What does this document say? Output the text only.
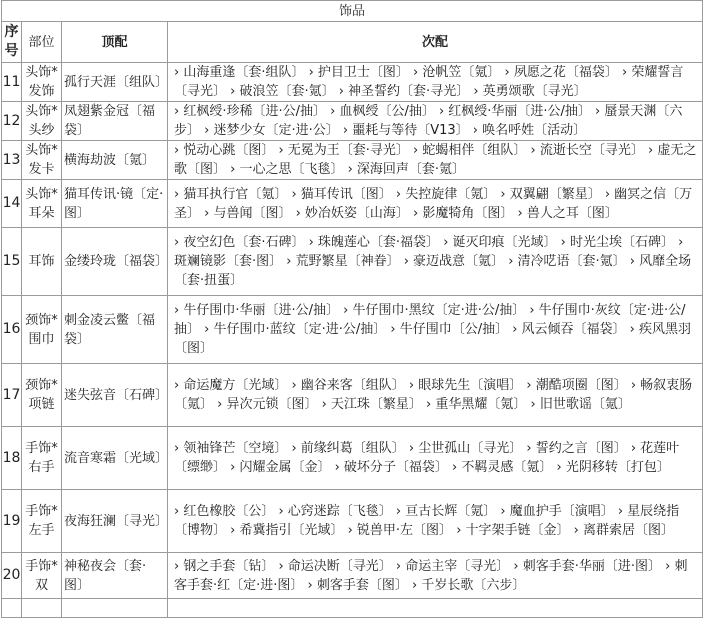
饰品			
序号	部位	顶配	次配
11	头饰*发饰	孤行天涯〔组队〕	› 山海重逢〔套·组队〕 › 护目卫士〔图〕 › 沧帆笠〔氪〕 › 夙愿之花〔福袋〕 › 荣耀誓言〔寻光〕 › 破浪笠〔套·氪〕 › 神圣誓约〔套·寻光〕 › 英勇颂歌〔寻光〕
12	头饰*头纱	凤翅紫金冠〔福袋〕	› 红枫绶·珍稀〔进·公/抽〕 › 血枫绶〔公/抽〕 › 红枫绶·华丽〔进·公/抽〕 › 蜃景天渊〔六步〕 › 迷梦少女〔定·进·公〕 › 噩耗与等待〔V13〕 › 唤名呼姓〔活动〕
13	头饰*发卡	横海劫波〔氪〕	› 悦动心跳〔图〕 › 无冕为王〔套·寻光〕 › 蛇蝎相伴〔组队〕 › 流逝长空〔寻光〕 › 虚无之歌〔图〕 › 一心之思〔飞毯〕 › 深海回声〔套·氪〕
14	头饰*耳朵	猫耳传讯·镜〔定·图〕	› 猫耳执行官〔氪〕 › 猫耳传讯〔图〕 › 失控旋律〔氪〕 › 双翼翩〔繁星〕 › 幽冥之信〔万圣〕 › 与兽闻〔图〕 › 妙冶妖姿〔山海〕 › 影魔犄角〔图〕 › 兽人之耳〔图〕
15	耳饰	金缕玲珑〔福袋〕	› 夜空幻色〔套·石碑〕 › 珠魄莲心〔套·福袋〕 › 诞灭印痕〔光域〕 › 时光尘埃〔石碑〕 › 斑斓镜影〔套·图〕 › 荒野繁星〔神眷〕 › 豪迈战意〔氪〕 › 清冷呓语〔套·氪〕 › 风靡全场〔套·扭蛋〕
16	颈饰*围巾	刺金凌云鳖〔福袋〕	› 牛仔围巾·华丽〔进·公/抽〕 › 牛仔围巾·黑纹〔定·进·公/抽〕 › 牛仔围巾·灰纹〔定·进·公/抽〕 › 牛仔围巾·蓝纹〔定·进·公/抽〕 › 牛仔围巾〔公/抽〕 › 风云倾吞〔福袋〕 › 疾风黑羽〔图〕
17	颈饰*项链	迷失弦音〔石碑〕	› 命运魔方〔光域〕 › 幽谷来客〔组队〕 › 眼球先生〔演唱〕 › 潮酷项圈〔图〕 › 畅叙衷肠〔氪〕 › 异次元锁〔图〕 › 天江珠〔繁星〕 › 重华黑耀〔氪〕 › 旧世歌谣〔氪〕
18	手饰*右手	流音寒霜〔光域〕	› 领袖锋芒〔空境〕 › 前缘纠葛〔组队〕 › 尘世孤山〔寻光〕 › 誓约之言〔图〕 › 花莲叶〔缥缈〕 › 闪耀金属〔金〕 › 破坏分子〔福袋〕 › 不羁灵感〔氪〕 › 光阴移转〔打包〕
19	手饰*左手	夜海狂澜〔寻光〕	› 红色橡胶〔公〕 › 心窍迷踪〔飞毯〕 › 亘古长辉〔氪〕 › 魔血护手〔演唱〕 › 星辰绕指〔博物〕 › 希冀指引〔光域〕 › 锐兽甲·左〔图〕 › 十字架手链〔金〕 › 离群索居〔图〕
20	手饰*双	神秘夜会〔套·图〕	› 钢之手套〔钻〕 › 命运决断〔寻光〕 › 命运主宰〔寻光〕 › 刺客手套·华丽〔进·图〕 › 刺客手套·红〔定·进·图〕 › 刺客手套〔图〕 › 千岁长歌〔六步〕
